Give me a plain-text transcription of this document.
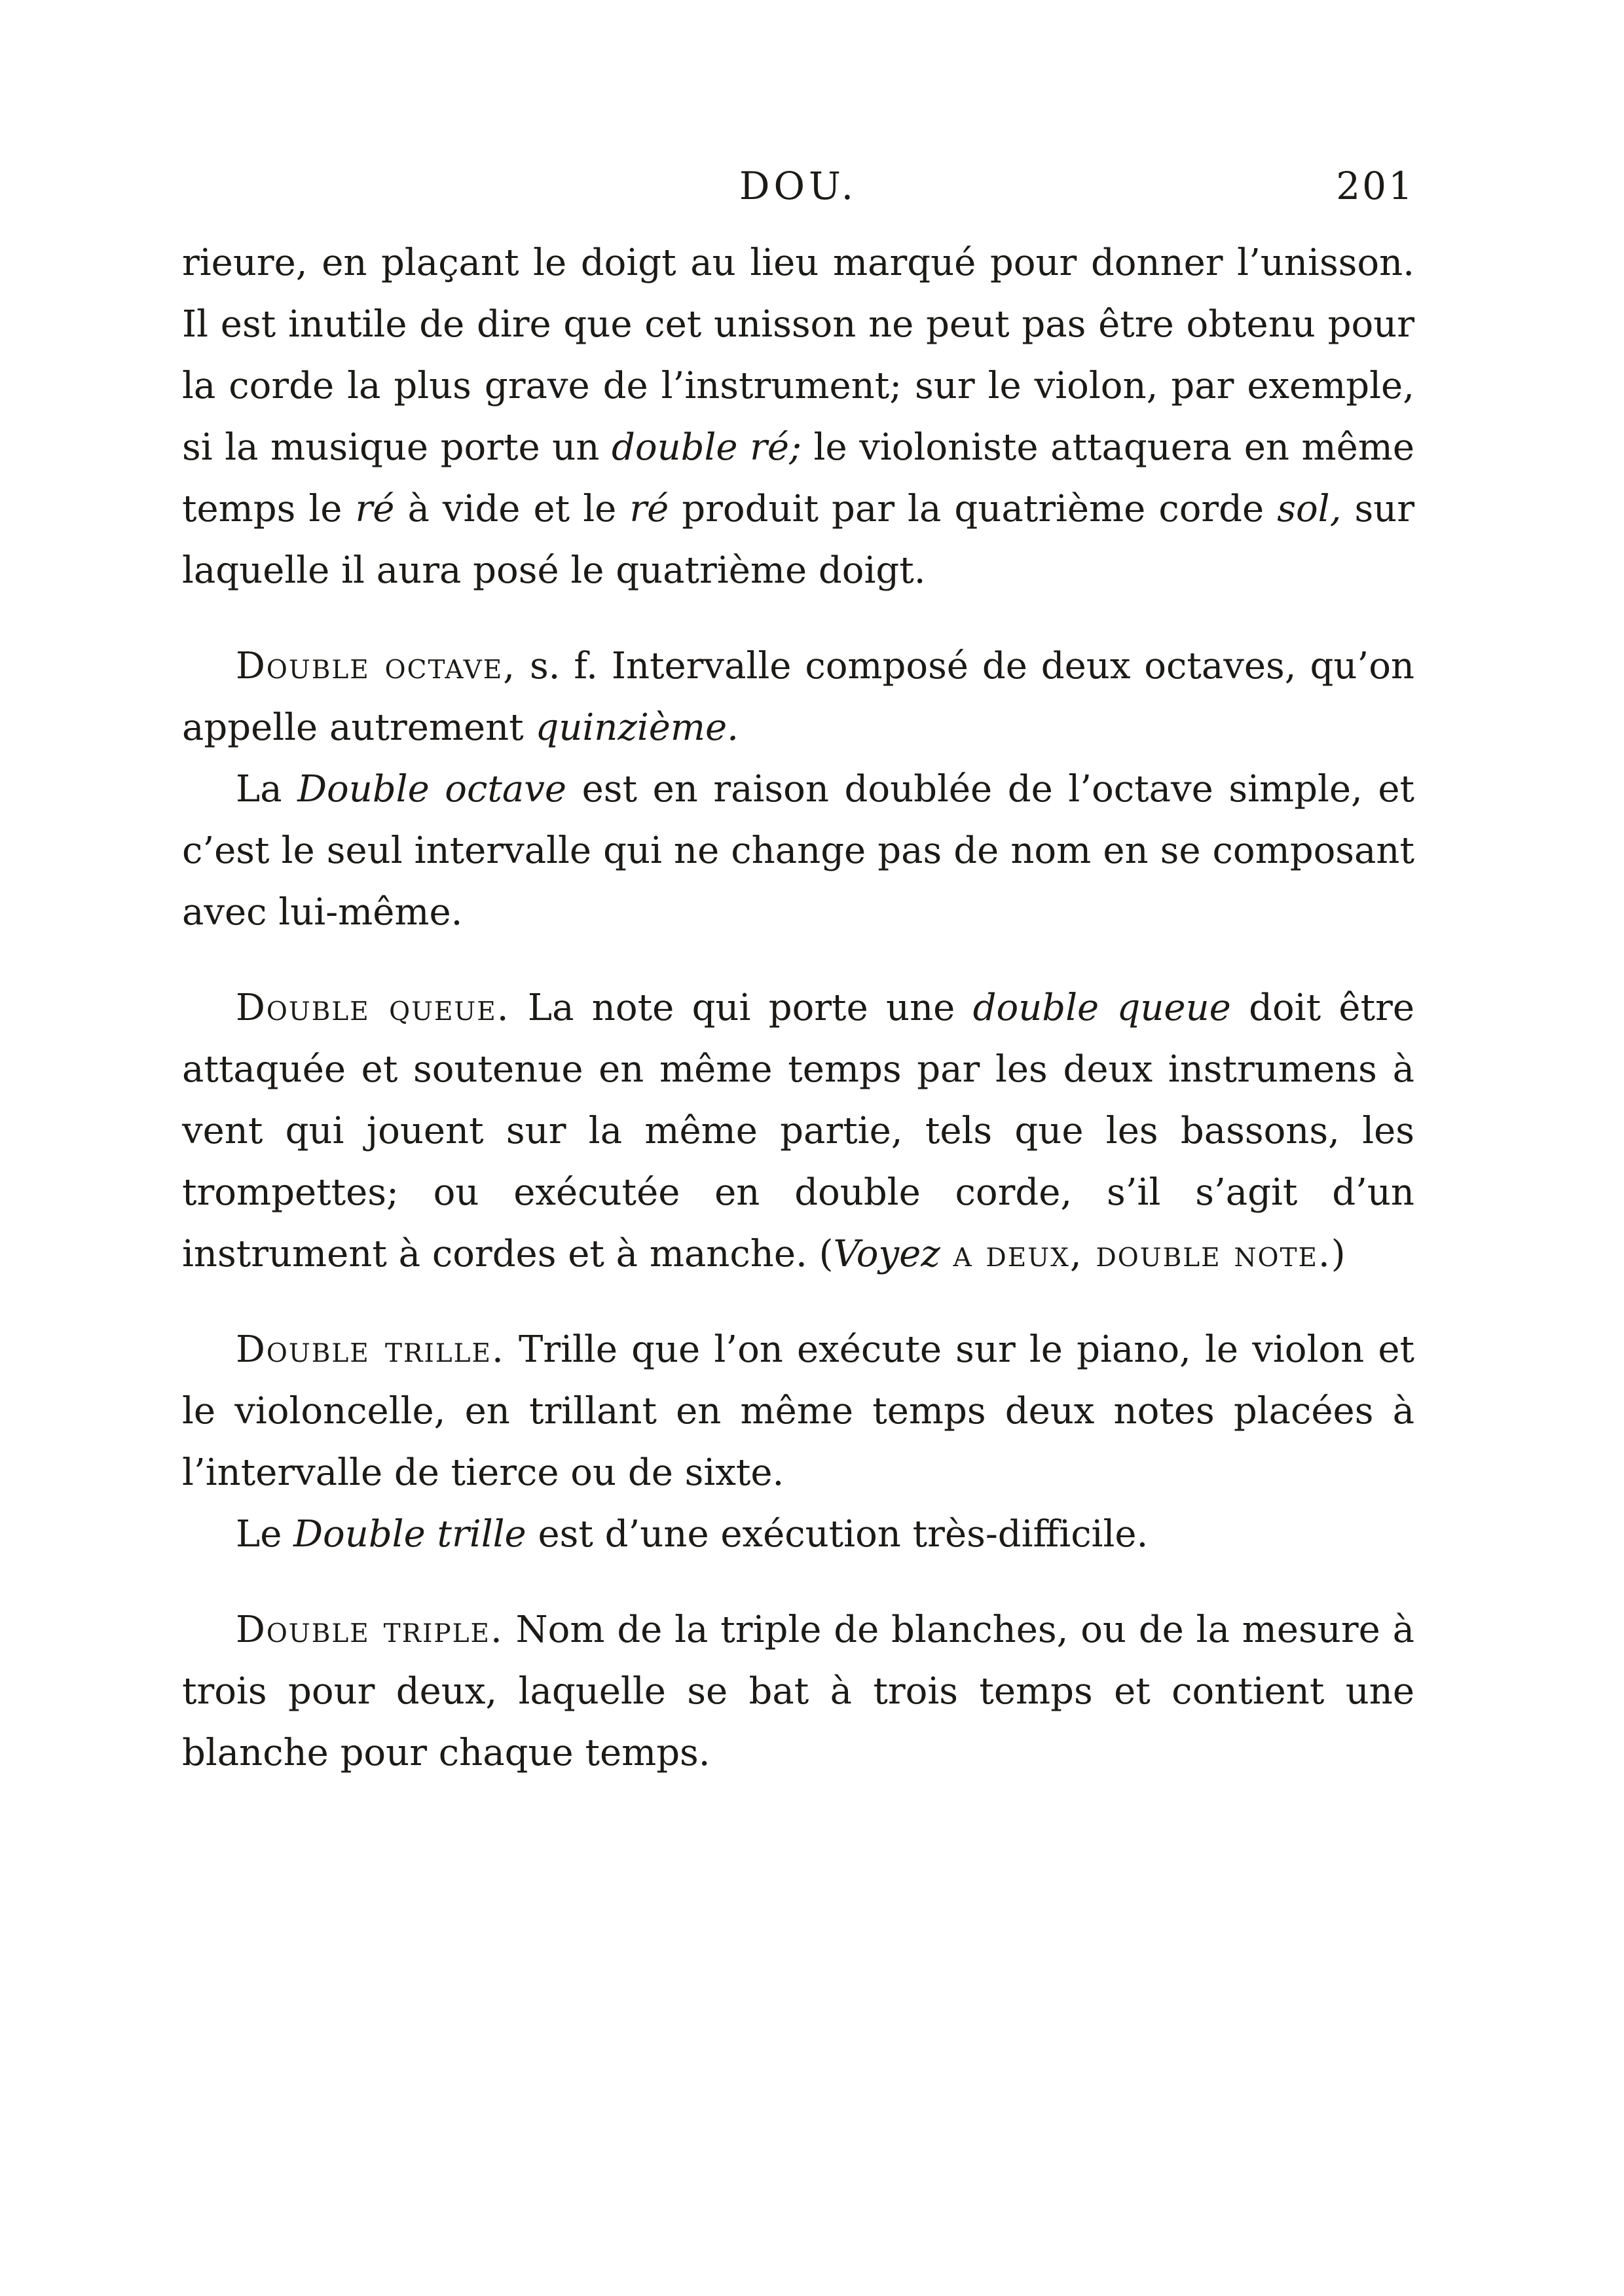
DOU.	201

rieure, en plaçant le doigt au lieu marqué pour donner l’unisson. Il est inutile de dire que cet unisson ne peut pas être obtenu pour la corde la plus grave de l’instrument; sur le violon, par exemple, si la musique porte un double ré; le violoniste attaquera en même temps le ré à vide et le ré produit par la quatrième corde sol, sur laquelle il aura posé le quatrième doigt.

Double octave, s. f. Intervalle composé de deux octaves, qu’on appelle autrement quinzième.

La Double octave est en raison doublée de l’octave simple, et c’est le seul intervalle qui ne change pas de nom en se composant avec lui-même.

Double queue. La note qui porte une double queue doit être attaquée et soutenue en même temps par les deux instrumens à vent qui jouent sur la même partie, tels que les bassons, les trompettes; ou exécutée en double corde, s’il s’agit d’un instrument à cordes et à manche. (Voyez a deux, double note.)

Double trille. Trille que l’on exécute sur le piano, le violon et le violoncelle, en trillant en même temps deux notes placées à l’intervalle de tierce ou de sixte.

Le Double trille est d’une exécution très-difficile.

Double triple. Nom de la triple de blanches, ou de la mesure à trois pour deux, laquelle se bat à trois temps et contient une blanche pour chaque temps.
